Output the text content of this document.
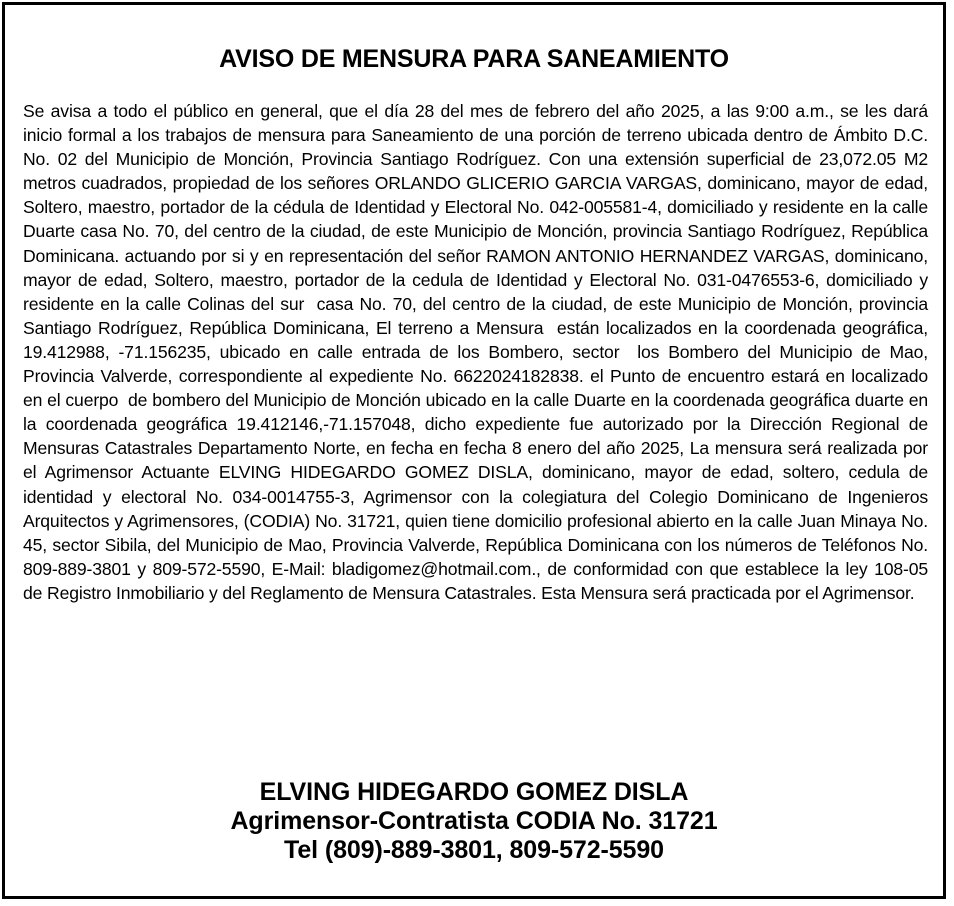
AVISO DE MENSURA PARA SANEAMIENTO

Se avisa a todo el público en general, que el día 28 del mes de febrero del año 2025, a las 9:00 a.m., se les dará inicio formal a los trabajos de mensura para Saneamiento de una porción de terreno ubicada dentro de Ámbito D.C. No. 02 del Municipio de Monción, Provincia Santiago Rodríguez. Con una extensión superficial de 23,072.05 M2 metros cuadrados, propiedad de los señores ORLANDO GLICERIO GARCIA VARGAS, dominicano, mayor de edad, Soltero, maestro, portador de la cédula de Identidad y Electoral No. 042-005581-4, domiciliado y residente en la calle Duarte casa No. 70, del centro de la ciudad, de este Municipio de Monción, provincia Santiago Rodríguez, República Dominicana. actuando por si y en representación del señor RAMON ANTONIO HERNANDEZ VARGAS, dominicano, mayor de edad, Soltero, maestro, portador de la cedula de Identidad y Electoral No. 031-0476553-6, domiciliado y residente en la calle Colinas del sur  casa No. 70, del centro de la ciudad, de este Municipio de Monción, provincia Santiago Rodríguez, República Dominicana, El terreno a Mensura  están localizados en la coordenada geográfica, 19.412988, -71.156235, ubicado en calle entrada de los Bombero, sector  los Bombero del Municipio de Mao, Provincia Valverde, correspondiente al expediente No. 6622024182838. el Punto de encuentro estará en localizado en el cuerpo  de bombero del Municipio de Monción ubicado en la calle Duarte en la coordenada geográfica duarte en la coordenada geográfica 19.412146,-71.157048, dicho expediente fue autorizado por la Dirección Regional de Mensuras Catastrales Departamento Norte, en fecha en fecha 8 enero del año 2025, La mensura será realizada por el Agrimensor Actuante ELVING HIDEGARDO GOMEZ DISLA, dominicano, mayor de edad, soltero, cedula de identidad y electoral No. 034-0014755-3, Agrimensor con la colegiatura del Colegio Dominicano de Ingenieros Arquitectos y Agrimensores, (CODIA) No. 31721, quien tiene domicilio profesional abierto en la calle Juan Minaya No. 45, sector Sibila, del Municipio de Mao, Provincia Valverde, República Dominicana con los números de Teléfonos No. 809-889-3801 y 809-572-5590, E-Mail: bladigomez@hotmail.com., de conformidad con que establece la ley 108-05 de Registro Inmobiliario y del Reglamento de Mensura Catastrales. Esta Mensura será practicada por el Agrimensor.

ELVING HIDEGARDO GOMEZ DISLA
Agrimensor-Contratista CODIA No. 31721
Tel (809)-889-3801, 809-572-5590
